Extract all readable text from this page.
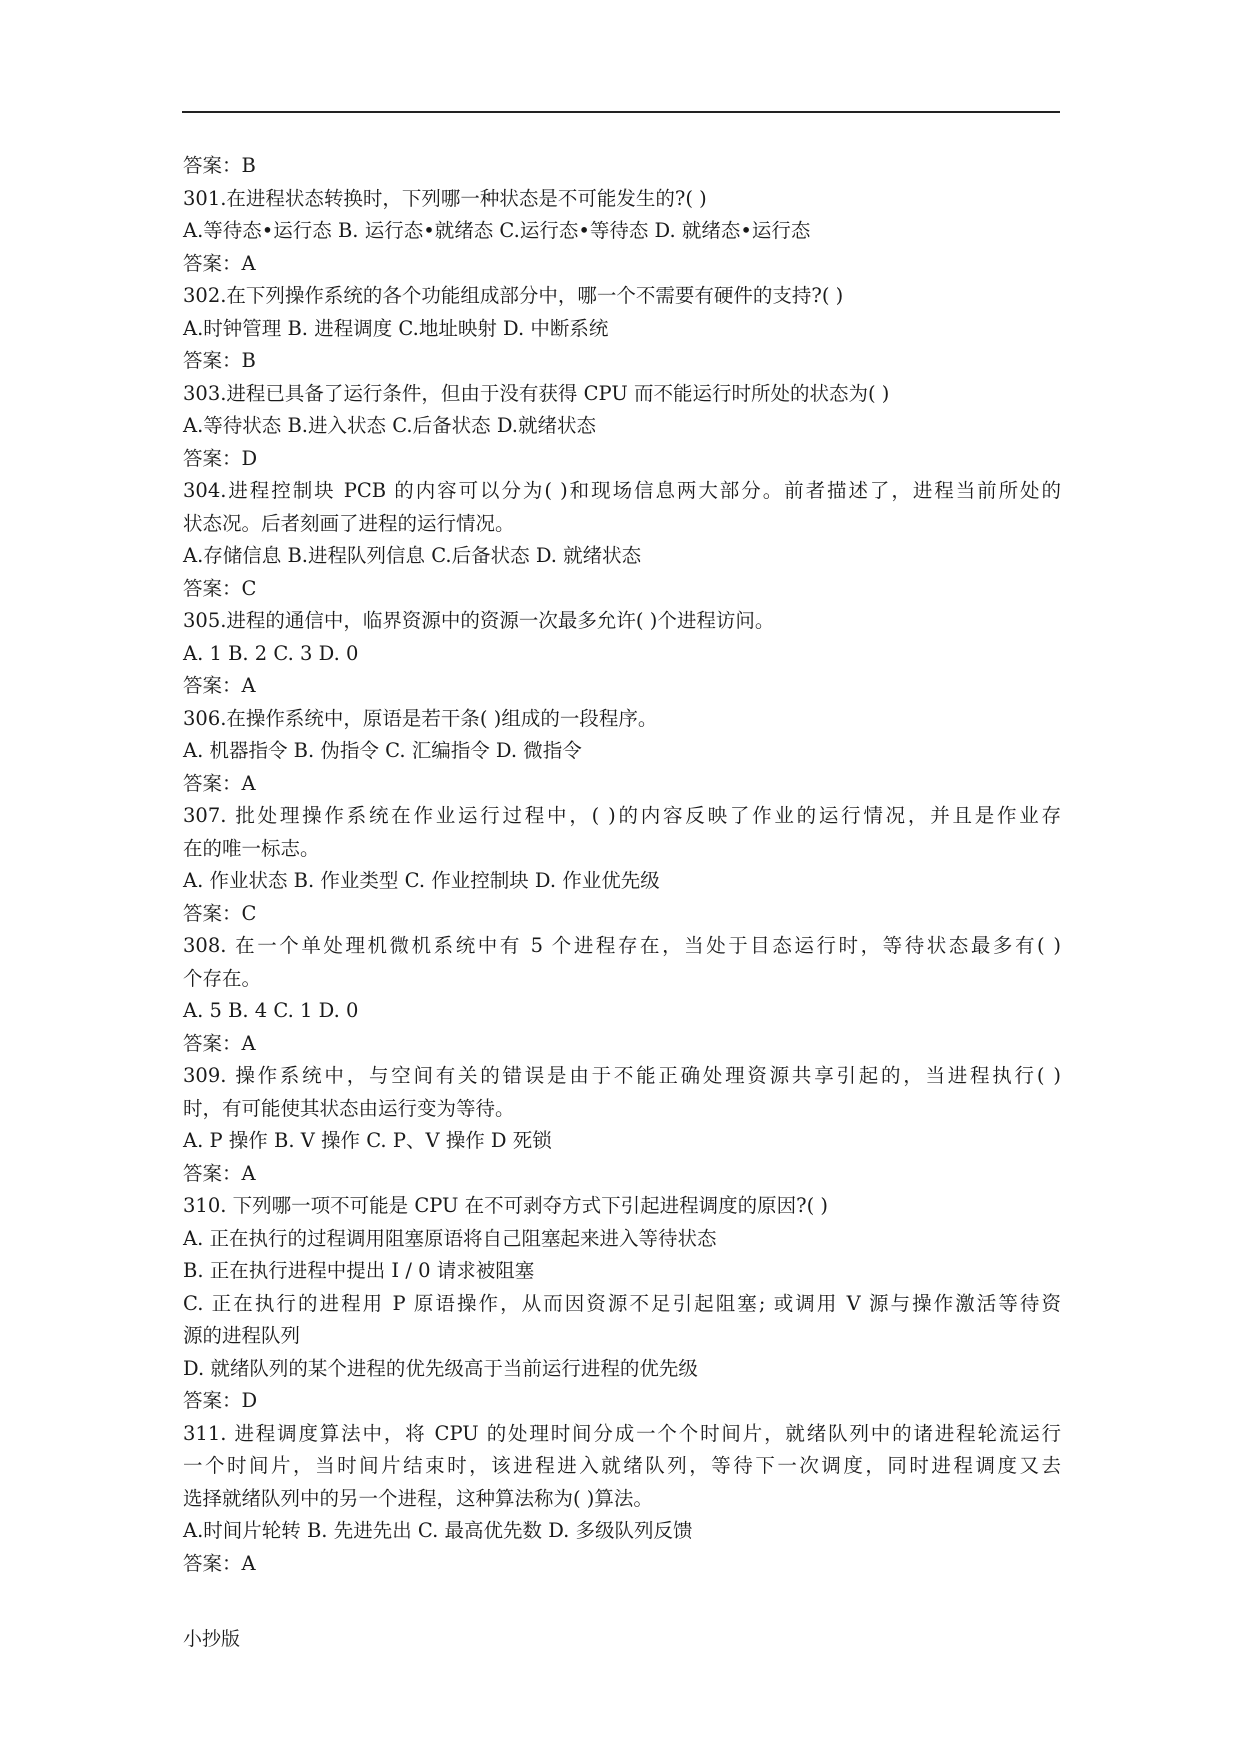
答案：B
301.在进程状态转换时，下列哪一种状态是不可能发生的?( )
A.等待态•运行态 B. 运行态•就绪态 C.运行态•等待态 D. 就绪态•运行态
答案：A
302.在下列操作系统的各个功能组成部分中，哪一个不需要有硬件的支持?( )
A.时钟管理 B. 进程调度 C.地址映射 D. 中断系统
答案：B
303.进程已具备了运行条件，但由于没有获得 CPU 而不能运行时所处的状态为( )
A.等待状态 B.进入状态 C.后备状态 D.就绪状态
答案：D
304.进程控制块 PCB 的内容可以分为( )和现场信息两大部分。前者描述了，进程当前所处的
状态况。后者刻画了进程的运行情况。
A.存储信息 B.进程队列信息 C.后备状态 D. 就绪状态
答案：C
305.进程的通信中，临界资源中的资源一次最多允许( )个进程访问。
A. 1 B. 2 C. 3 D. 0
答案：A
306.在操作系统中，原语是若干条( )组成的一段程序。
A. 机器指令 B. 伪指令 C. 汇编指令 D. 微指令
答案：A
307. 批处理操作系统在作业运行过程中，( )的内容反映了作业的运行情况，并且是作业存
在的唯一标志。
A. 作业状态 B. 作业类型 C. 作业控制块 D. 作业优先级
答案：C
308. 在一个单处理机微机系统中有 5 个进程存在，当处于目态运行时，等待状态最多有( )
个存在。
A. 5 B. 4 C. 1 D. 0
答案：A
309. 操作系统中，与空间有关的错误是由于不能正确处理资源共享引起的，当进程执行( )
时，有可能使其状态由运行变为等待。
A. P 操作 B. V 操作 C. P、V 操作 D 死锁
答案：A
310. 下列哪一项不可能是 CPU 在不可剥夺方式下引起进程调度的原因?( )
A. 正在执行的过程调用阻塞原语将自己阻塞起来进入等待状态
B. 正在执行进程中提出 I / 0 请求被阻塞
C. 正在执行的进程用 P 原语操作，从而因资源不足引起阻塞; 或调用 V 源与操作激活等待资
源的进程队列
D. 就绪队列的某个进程的优先级高于当前运行进程的优先级
答案：D
311. 进程调度算法中，将 CPU 的处理时间分成一个个时间片，就绪队列中的诸进程轮流运行
一个时间片，当时间片结束时，该进程进入就绪队列，等待下一次调度，同时进程调度又去
选择就绪队列中的另一个进程，这种算法称为( )算法。
A.时间片轮转 B. 先进先出 C. 最高优先数 D. 多级队列反馈
答案：A
小抄版
